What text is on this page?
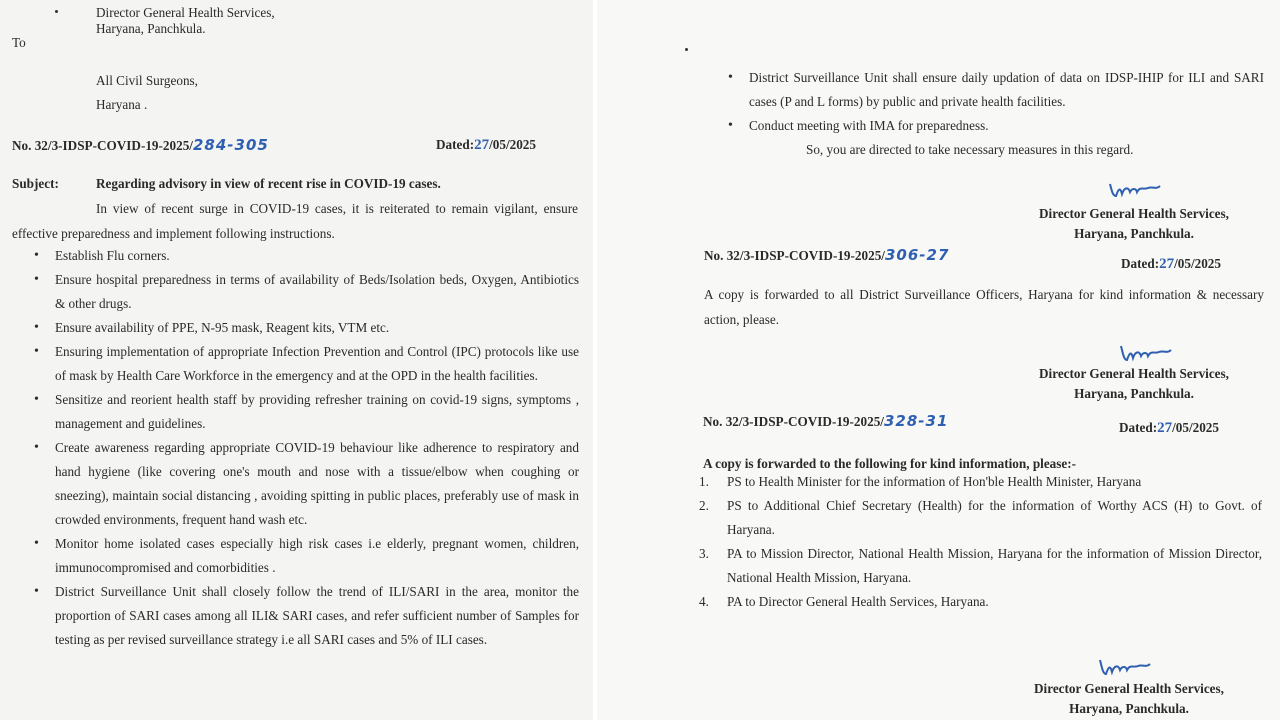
Director General Health Services,
Haryana, Panchkula.
To
All Civil Surgeons,
Haryana .
No. 32/3-IDSP-COVID-19-2025/284-305	Dated:27/05/2025
Subject:	Regarding advisory in view of recent rise in COVID-19 cases.
In view of recent surge in COVID-19 cases, it is reiterated to remain vigilant, ensure effective preparedness and implement following instructions.
• Establish Flu corners.
• Ensure hospital preparedness in terms of availability of Beds/Isolation beds, Oxygen, Antibiotics & other drugs.
• Ensure availability of PPE, N-95 mask, Reagent kits, VTM etc.
• Ensuring implementation of appropriate Infection Prevention and Control (IPC) protocols like use of mask by Health Care Workforce in the emergency and at the OPD in the health facilities.
• Sensitize and reorient health staff by providing refresher training on covid-19 signs, symptoms , management and guidelines.
• Create awareness regarding appropriate COVID-19 behaviour like adherence to respiratory and hand hygiene (like covering one's mouth and nose with a tissue/elbow when coughing or sneezing), maintain social distancing , avoiding spitting in public places, preferably use of mask in crowded environments, frequent hand wash etc.
• Monitor home isolated cases especially high risk cases i.e elderly, pregnant women, children, immunocompromised and comorbidities .
• District Surveillance Unit shall closely follow the trend of ILI/SARI in the area, monitor the proportion of SARI cases among all ILI& SARI cases, and refer sufficient number of Samples for testing as per revised surveillance strategy i.e all SARI cases and 5% of ILI cases.
• District Surveillance Unit shall ensure daily updation of data on IDSP-IHIP for ILI and SARI cases (P and L forms) by public and private health facilities.
• Conduct meeting with IMA for preparedness.
So, you are directed to take necessary measures in this regard.
Director General Health Services,
Haryana, Panchkula.
No. 32/3-IDSP-COVID-19-2025/306-27	Dated:27/05/2025
A copy is forwarded to all District Surveillance Officers, Haryana for kind information & necessary action, please.
Director General Health Services,
Haryana, Panchkula.
No. 32/3-IDSP-COVID-19-2025/328-31	Dated:27/05/2025
A copy is forwarded to the following for kind information, please:-
1. PS to Health Minister for the information of Hon'ble Health Minister, Haryana
2. PS to Additional Chief Secretary (Health) for the information of Worthy ACS (H) to Govt. of Haryana.
3. PA to Mission Director, National Health Mission, Haryana for the information of Mission Director, National Health Mission, Haryana.
4. PA to Director General Health Services, Haryana.
Director General Health Services,
Haryana, Panchkula.
